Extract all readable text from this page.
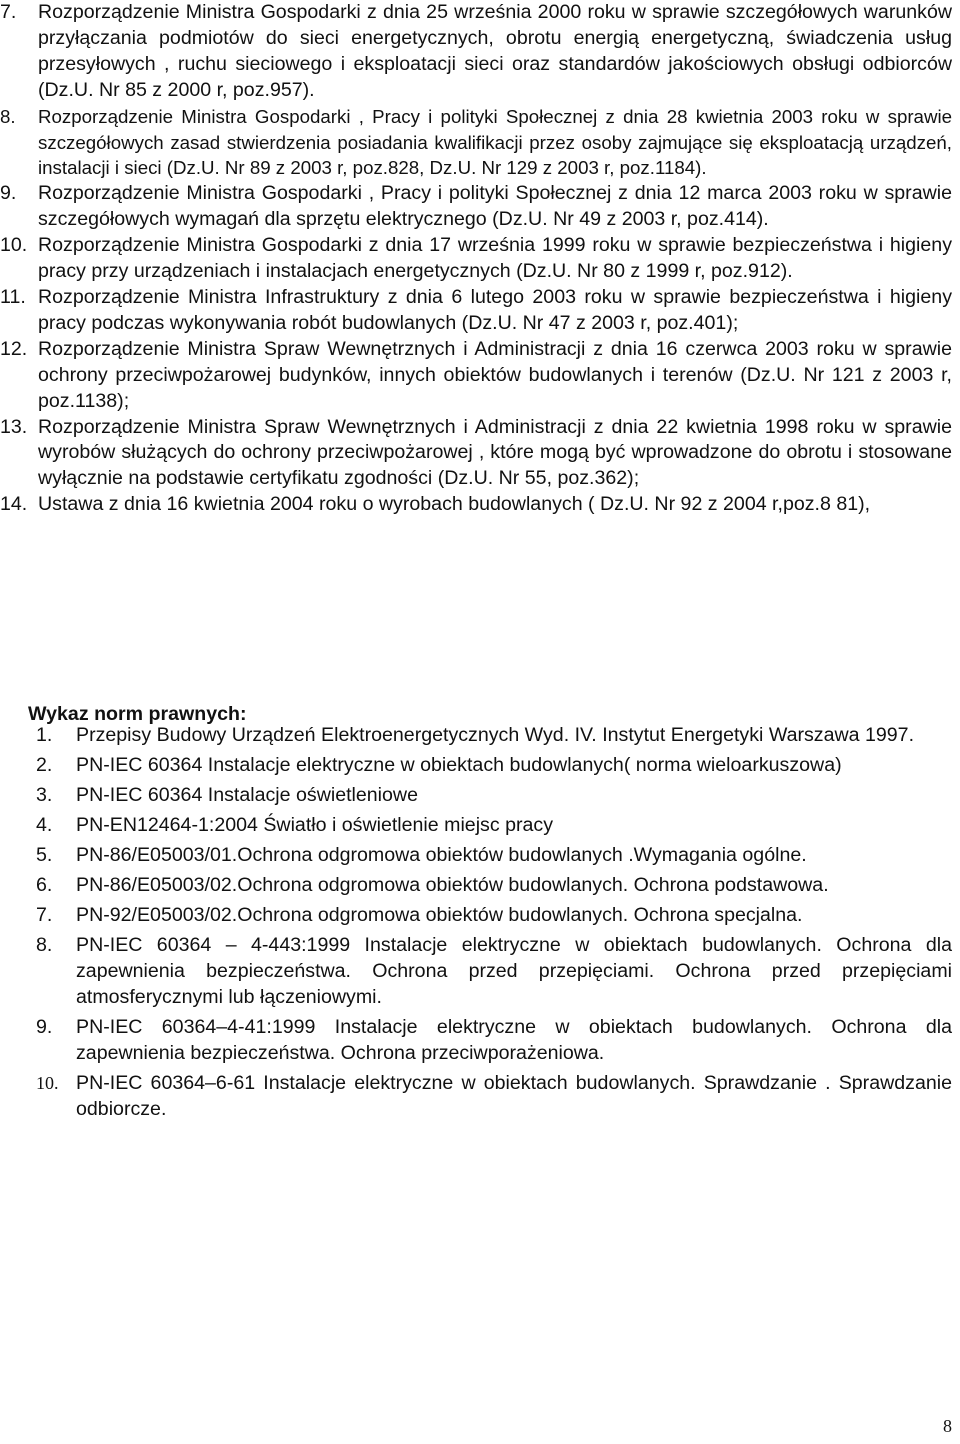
7. Rozporządzenie Ministra Gospodarki z dnia 25 września 2000 roku w sprawie szczegółowych warunków przyłączania podmiotów do sieci energetycznych, obrotu energią energetyczną, świadczenia usług przesyłowych , ruchu sieciowego i eksploatacji sieci oraz standardów jakościowych obsługi odbiorców (Dz.U. Nr 85 z 2000 r, poz.957).
8. Rozporządzenie Ministra Gospodarki , Pracy i polityki Społecznej z dnia 28 kwietnia 2003 roku w sprawie szczegółowych zasad stwierdzenia posiadania kwalifikacji przez osoby zajmujące się eksploatacją urządzeń, instalacji i sieci (Dz.U. Nr 89 z 2003 r, poz.828, Dz.U. Nr 129 z 2003 r, poz.1184).
9. Rozporządzenie Ministra Gospodarki , Pracy i polityki Społecznej z dnia 12 marca 2003 roku w sprawie szczegółowych wymagań dla sprzętu elektrycznego (Dz.U. Nr 49 z 2003 r, poz.414).
10. Rozporządzenie Ministra Gospodarki z dnia 17 września 1999 roku w sprawie bezpieczeństwa i higieny pracy przy urządzeniach i instalacjach energetycznych (Dz.U. Nr 80 z 1999 r, poz.912).
11. Rozporządzenie Ministra Infrastruktury z dnia 6 lutego 2003 roku w sprawie bezpieczeństwa i higieny pracy podczas wykonywania robót budowlanych (Dz.U. Nr 47 z 2003 r, poz.401);
12. Rozporządzenie Ministra Spraw Wewnętrznych i Administracji z dnia 16 czerwca 2003 roku w sprawie ochrony przeciwpożarowej budynków, innych obiektów budowlanych i terenów (Dz.U. Nr 121 z 2003 r, poz.1138);
13. Rozporządzenie Ministra Spraw Wewnętrznych i Administracji z dnia 22 kwietnia 1998 roku w sprawie wyrobów służących do ochrony przeciwpożarowej , które mogą być wprowadzone do obrotu i stosowane wyłącznie na podstawie certyfikatu zgodności (Dz.U. Nr 55, poz.362);
14. Ustawa z dnia 16 kwietnia 2004 roku o wyrobach budowlanych ( Dz.U. Nr 92 z 2004 r,poz.8 81),
Wykaz norm prawnych:
1. Przepisy Budowy Urządzeń Elektroenergetycznych Wyd. IV. Instytut Energetyki Warszawa 1997.
2. PN-IEC 60364 Instalacje elektryczne w obiektach budowlanych( norma wieloarkuszowa)
3. PN-IEC 60364 Instalacje oświetleniowe
4. PN-EN12464-1:2004 Światło i oświetlenie miejsc pracy
5. PN-86/E05003/01.Ochrona odgromowa obiektów budowlanych .Wymagania ogólne.
6. PN-86/E05003/02.Ochrona odgromowa obiektów budowlanych. Ochrona podstawowa.
7. PN-92/E05003/02.Ochrona odgromowa obiektów budowlanych. Ochrona specjalna.
8. PN-IEC 60364 – 4-443:1999 Instalacje elektryczne w obiektach budowlanych. Ochrona dla zapewnienia bezpieczeństwa. Ochrona przed przepięciami. Ochrona przed przepięciami atmosferycznymi lub łączeniowymi.
9. PN-IEC 60364–4-41:1999 Instalacje elektryczne w obiektach budowlanych. Ochrona dla zapewnienia bezpieczeństwa. Ochrona przeciwporażeniowa.
10. PN-IEC 60364–6-61 Instalacje elektryczne w obiektach budowlanych. Sprawdzanie . Sprawdzanie odbiorcze.
8
